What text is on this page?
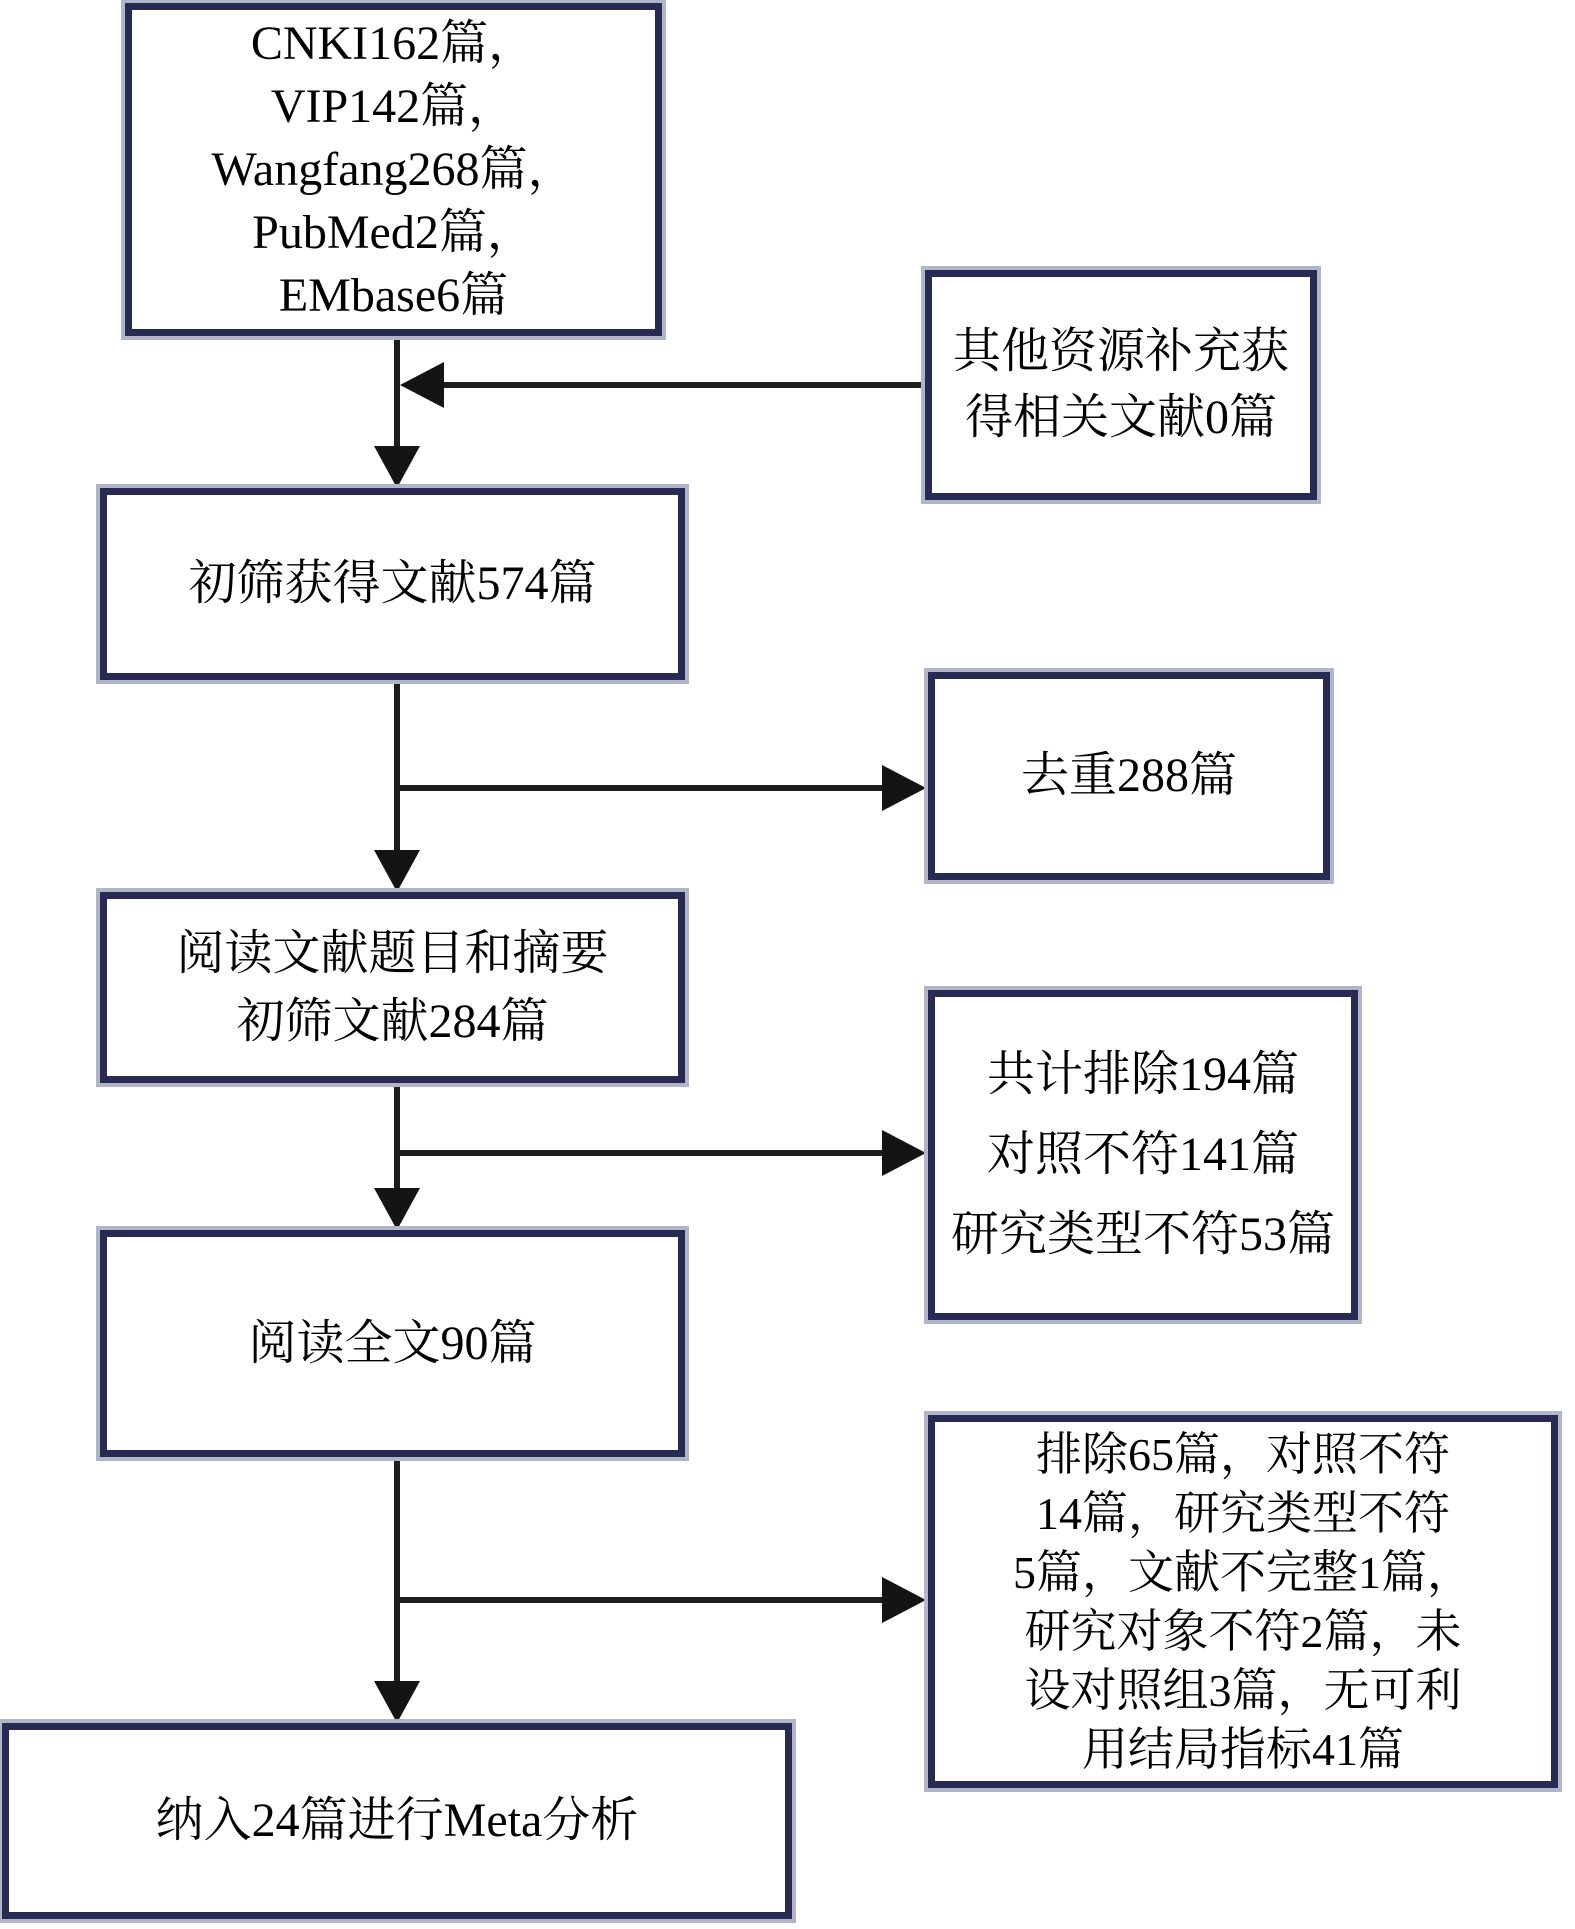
CNKI162篇，
VIP142篇，
Wangfang268篇，
PubMed2篇，
EMbase6篇
其他资源补充获
得相关文献0篇
初筛获得文献574篇
去重288篇
阅读文献题目和摘要
初筛文献284篇
共计排除194篇
对照不符141篇
研究类型不符53篇
阅读全文90篇
排除65篇，对照不符
14篇，研究类型不符
5篇，文献不完整1篇，
研究对象不符2篇，未
设对照组3篇，无可利
用结局指标41篇
纳入24篇进行Meta分析
